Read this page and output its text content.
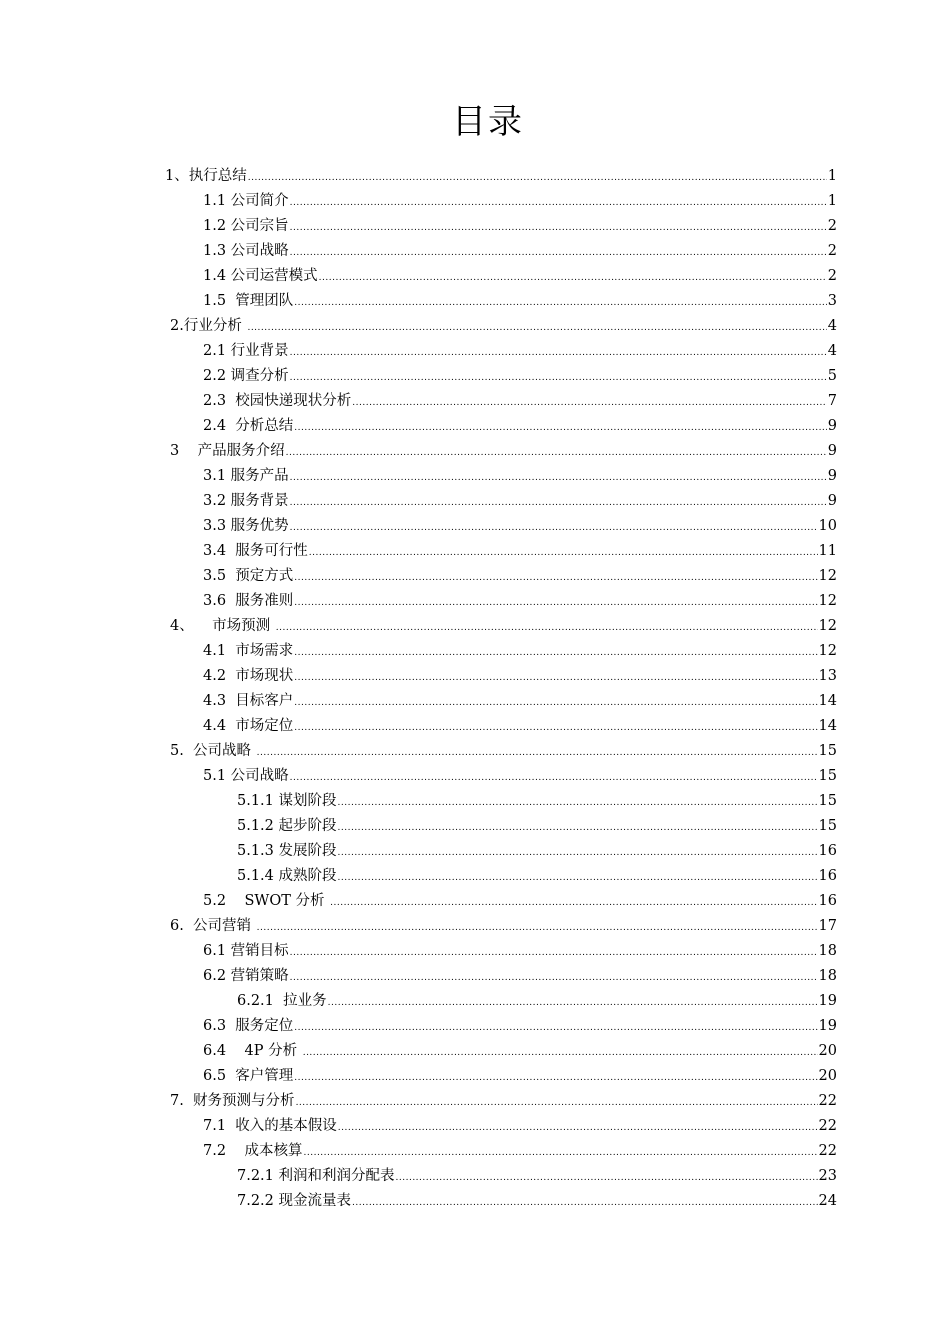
目录
1、执行总结 .....	1
1.1 公司简介 .....	1
1.2 公司宗旨 .....	2
1.3 公司战略 .....	2
1.4 公司运营模式 .....	2
1.5  管理团队 .....	3
2.行业分析 .....	4
2.1 行业背景 .....	4
2.2 调查分析 .....	5
2.3  校园快递现状分析 .....	7
2.4  分析总结 .....	9
3    产品服务介绍 .....	9
3.1 服务产品 .....	9
3.2 服务背景 .....	9
3.3 服务优势 .....	10
3.4  服务可行性 .....	11
3.5  预定方式 .....	12
3.6  服务准则 .....	12
4、    市场预测 .....	12
4.1  市场需求 .....	12
4.2  市场现状 .....	13
4.3  目标客户 .....	14
4.4  市场定位 .....	14
5.  公司战略 .....	15
5.1 公司战略 .....	15
5.1.1 谋划阶段 .....	15
5.1.2 起步阶段 .....	15
5.1.3 发展阶段 .....	16
5.1.4 成熟阶段 .....	16
5.2    SWOT 分析 .....	16
6.  公司营销 .....	17
6.1 营销目标 .....	18
6.2 营销策略 .....	18
6.2.1  拉业务 .....	19
6.3  服务定位 .....	19
6.4    4P 分析 .....	20
6.5  客户管理 .....	20
7.  财务预测与分析 .....	22
7.1  收入的基本假设 .....	22
7.2    成本核算 .....	22
7.2.1 利润和利润分配表 .....	23
7.2.2 现金流量表 .....	24
